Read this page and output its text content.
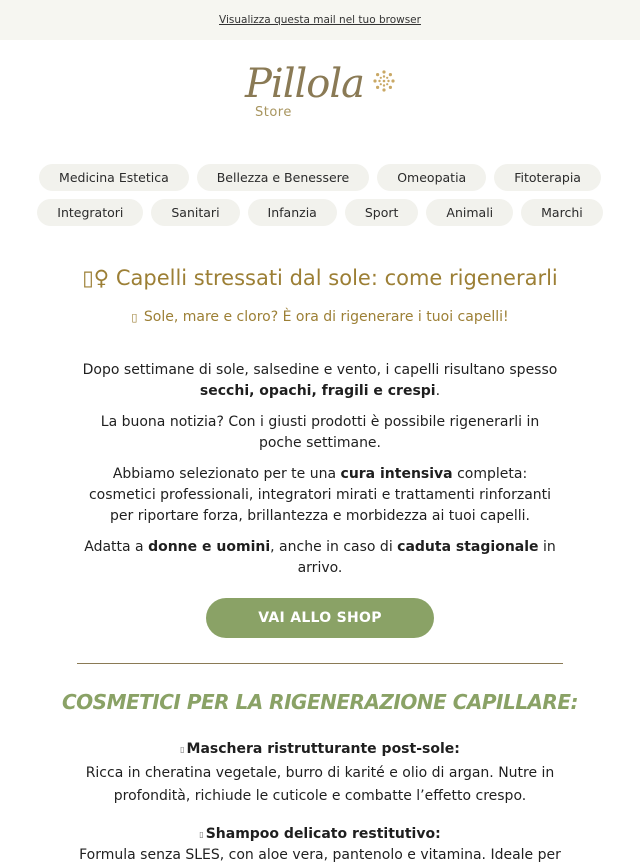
Visualizza questa mail nel tuo browser
Pillola
Store
Medicina Estetica	Bellezza e Benessere	Omeopatia	Fitoterapia
Integratori	Sanitari	Infanzia	Sport	Animali	Marchi
▯♀ Capelli stressati dal sole: come rigenerarli
▯ Sole, mare e cloro? È ora di rigenerare i tuoi capelli!

Dopo settimane di sole, salsedine e vento, i capelli risultano spesso secchi, opachi, fragili e crespi.

La buona notizia? Con i giusti prodotti è possibile rigenerarli in poche settimane.

Abbiamo selezionato per te una cura intensiva completa: cosmetici professionali, integratori mirati e trattamenti rinforzanti per riportare forza, brillantezza e morbidezza ai tuoi capelli.

Adatta a donne e uomini, anche in caso di caduta stagionale in arrivo.

VAI ALLO SHOP
COSMETICI PER LA RIGENERAZIONE CAPILLARE:
▯ Maschera ristrutturante post-sole:

Ricca in cheratina vegetale, burro di karité e olio di argan. Nutre in profondità, richiude le cuticole e combatte l’effetto crespo.

▯ Shampoo delicato restitutivo:

Formula senza SLES, con aloe vera, pantenolo e vitamina. Ideale per
